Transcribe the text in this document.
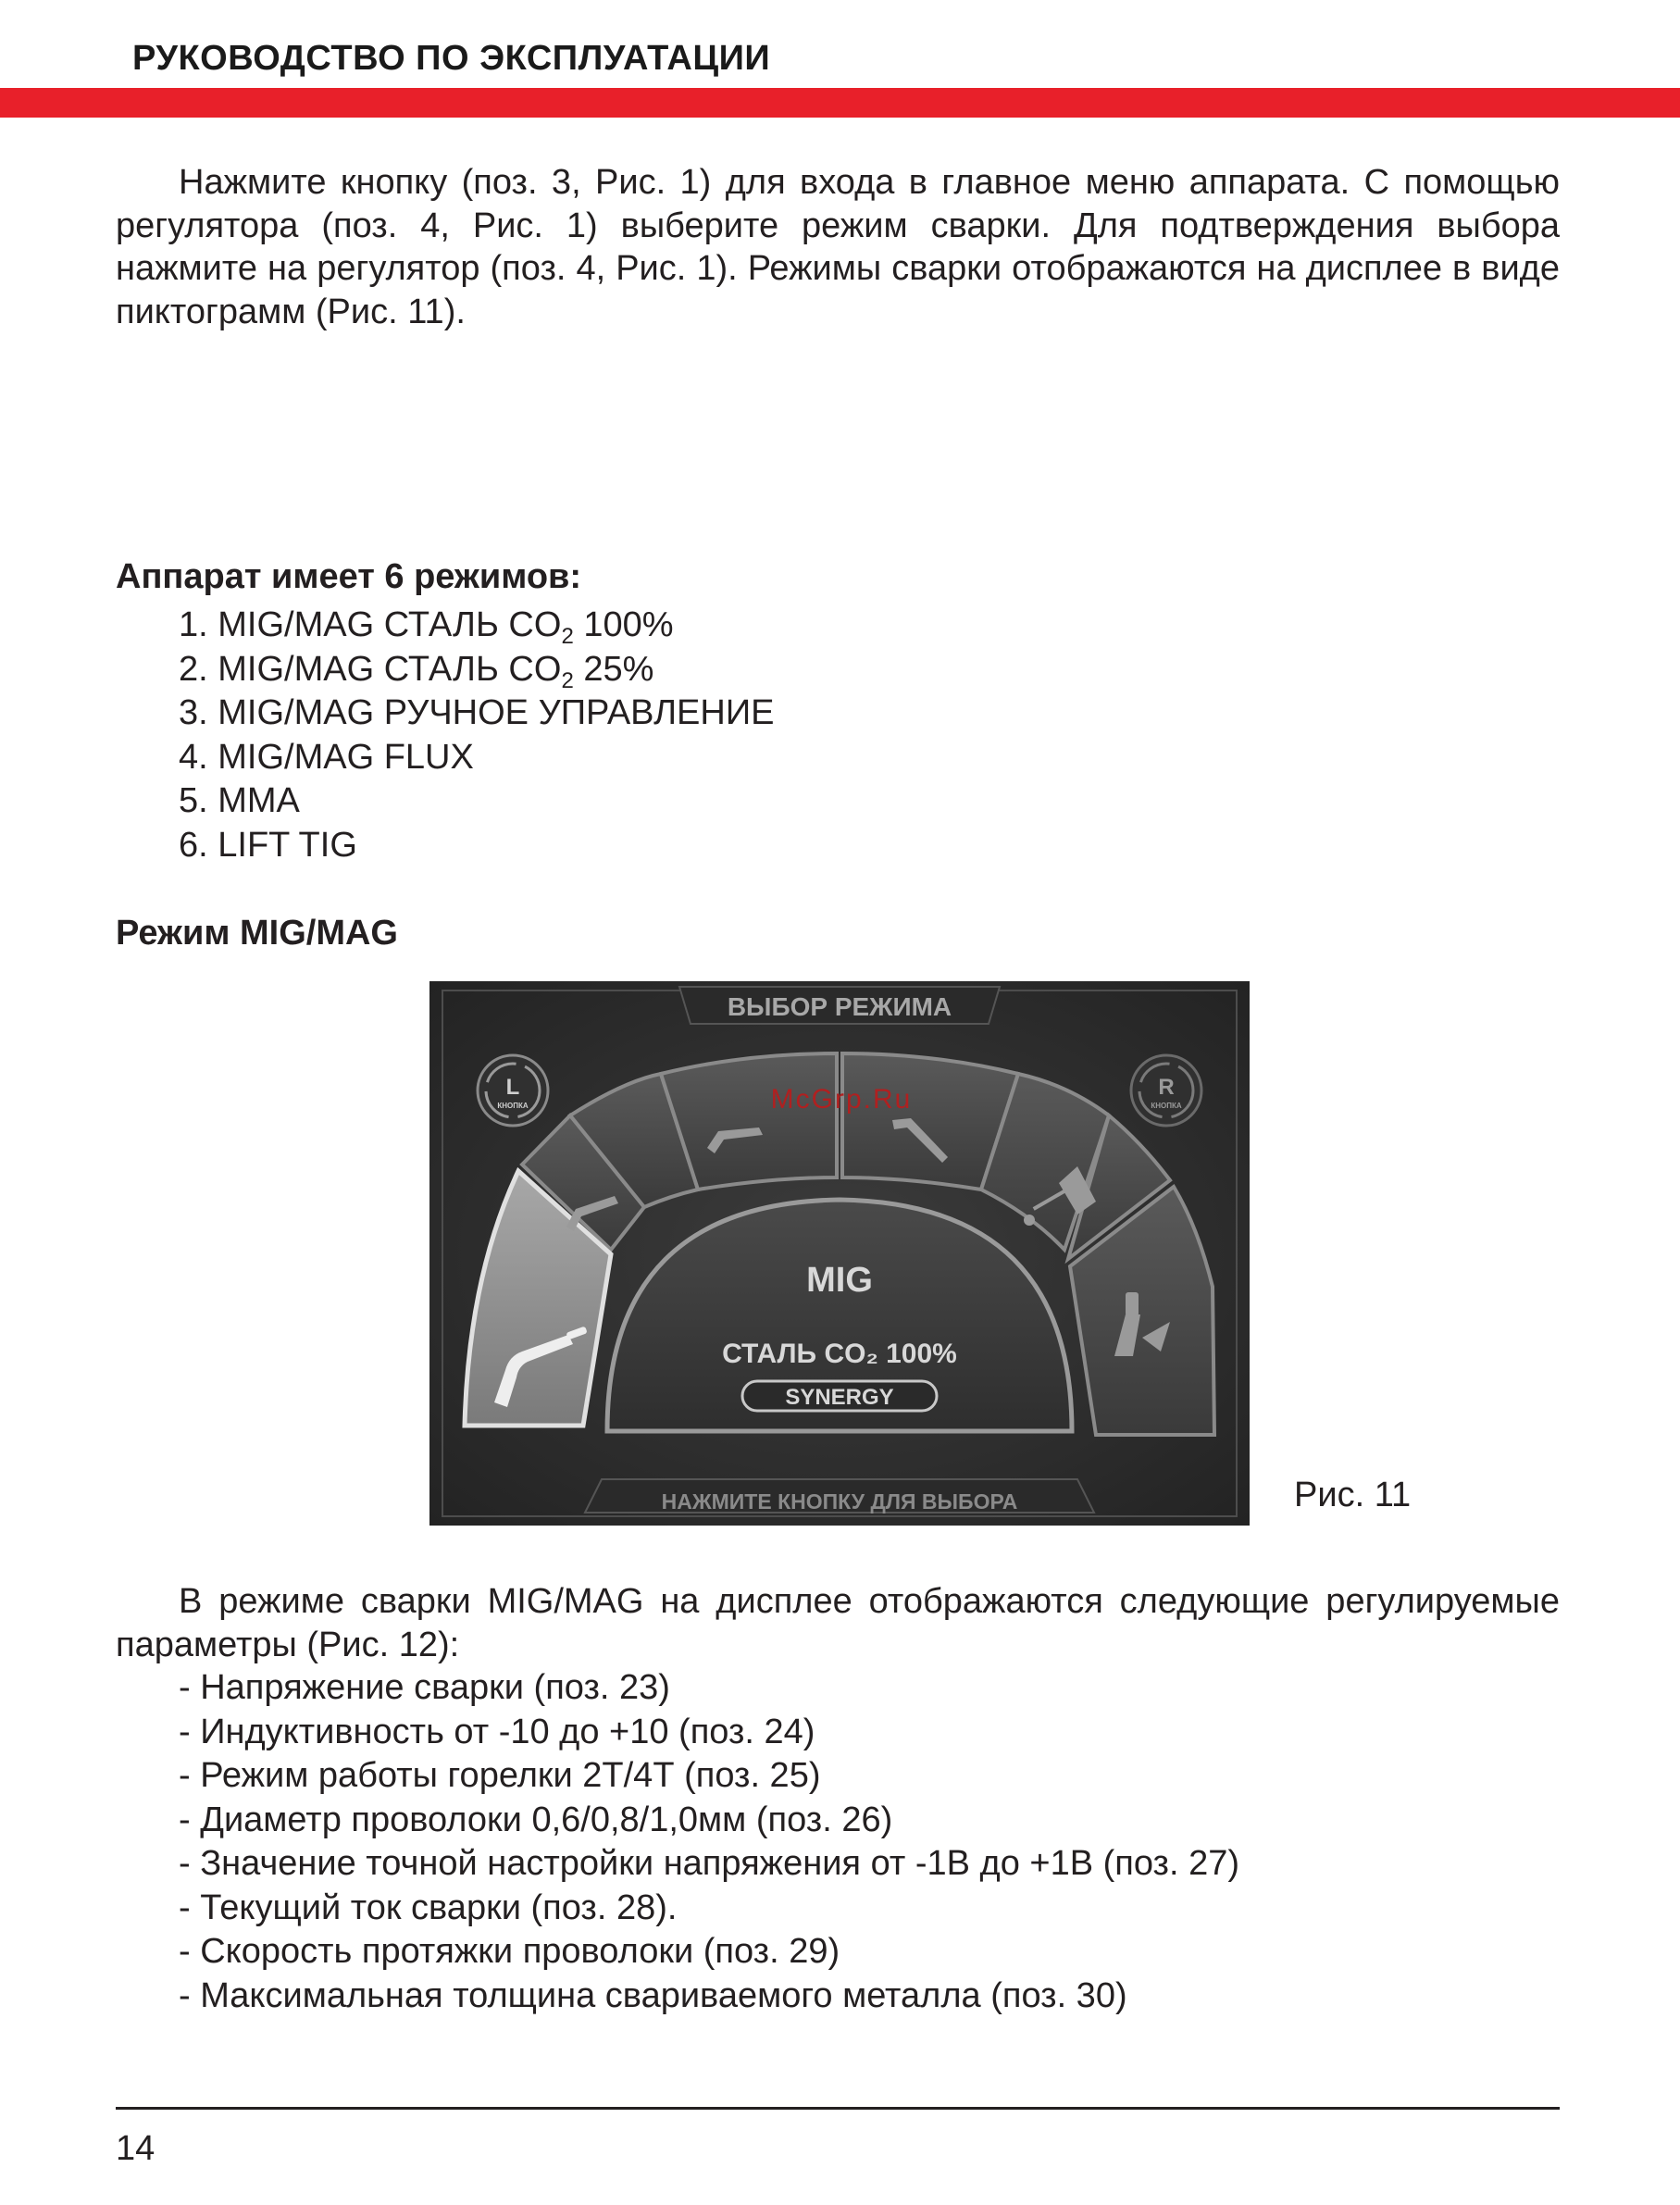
РУКОВОДСТВО ПО ЭКСПЛУАТАЦИИ

Нажмите кнопку (поз. 3, Рис. 1) для входа в главное меню аппарата. С помощью регулятора (поз. 4, Рис. 1) выберите режим сварки. Для подтверждения выбора нажмите на регулятор (поз. 4, Рис. 1). Режимы сварки отображаются на дисплее в виде пиктограмм (Рис. 11).

Аппарат имеет 6 режимов:
1. MIG/MAG СТАЛЬ $CO_2$ 100%
2. MIG/MAG СТАЛЬ $CO_2$ 25%
3. MIG/MAG РУЧНОЕ УПРАВЛЕНИЕ
4. MIG/MAG FLUX
5. MMA
6. LIFT TIG
Режим MIG/MAG
ВЫБОР РЕЖИМА
L
КНОПКА
R
КНОПКА
McGrp.Ru
MIG
СТАЛЬ CO₂ 100%
SYNERGY
НАЖМИТЕ КНОПКУ ДЛЯ ВЫБОРА	Рис. 11

В режиме сварки MIG/MAG на дисплее отображаются следующие регулируемые параметры (Рис. 12):

- Напряжение сварки (поз. 23)
- Индуктивность от -10 до +10 (поз. 24)
- Режим работы горелки 2Т/4Т (поз. 25)
- Диаметр проволоки 0,6/0,8/1,0мм (поз. 26)
- Значение точной настройки напряжения от -1В до +1В (поз. 27)
- Текущий ток сварки (поз. 28).
- Скорость протяжки проволоки (поз. 29)
- Максимальная толщина свариваемого металла (поз. 30)

14
